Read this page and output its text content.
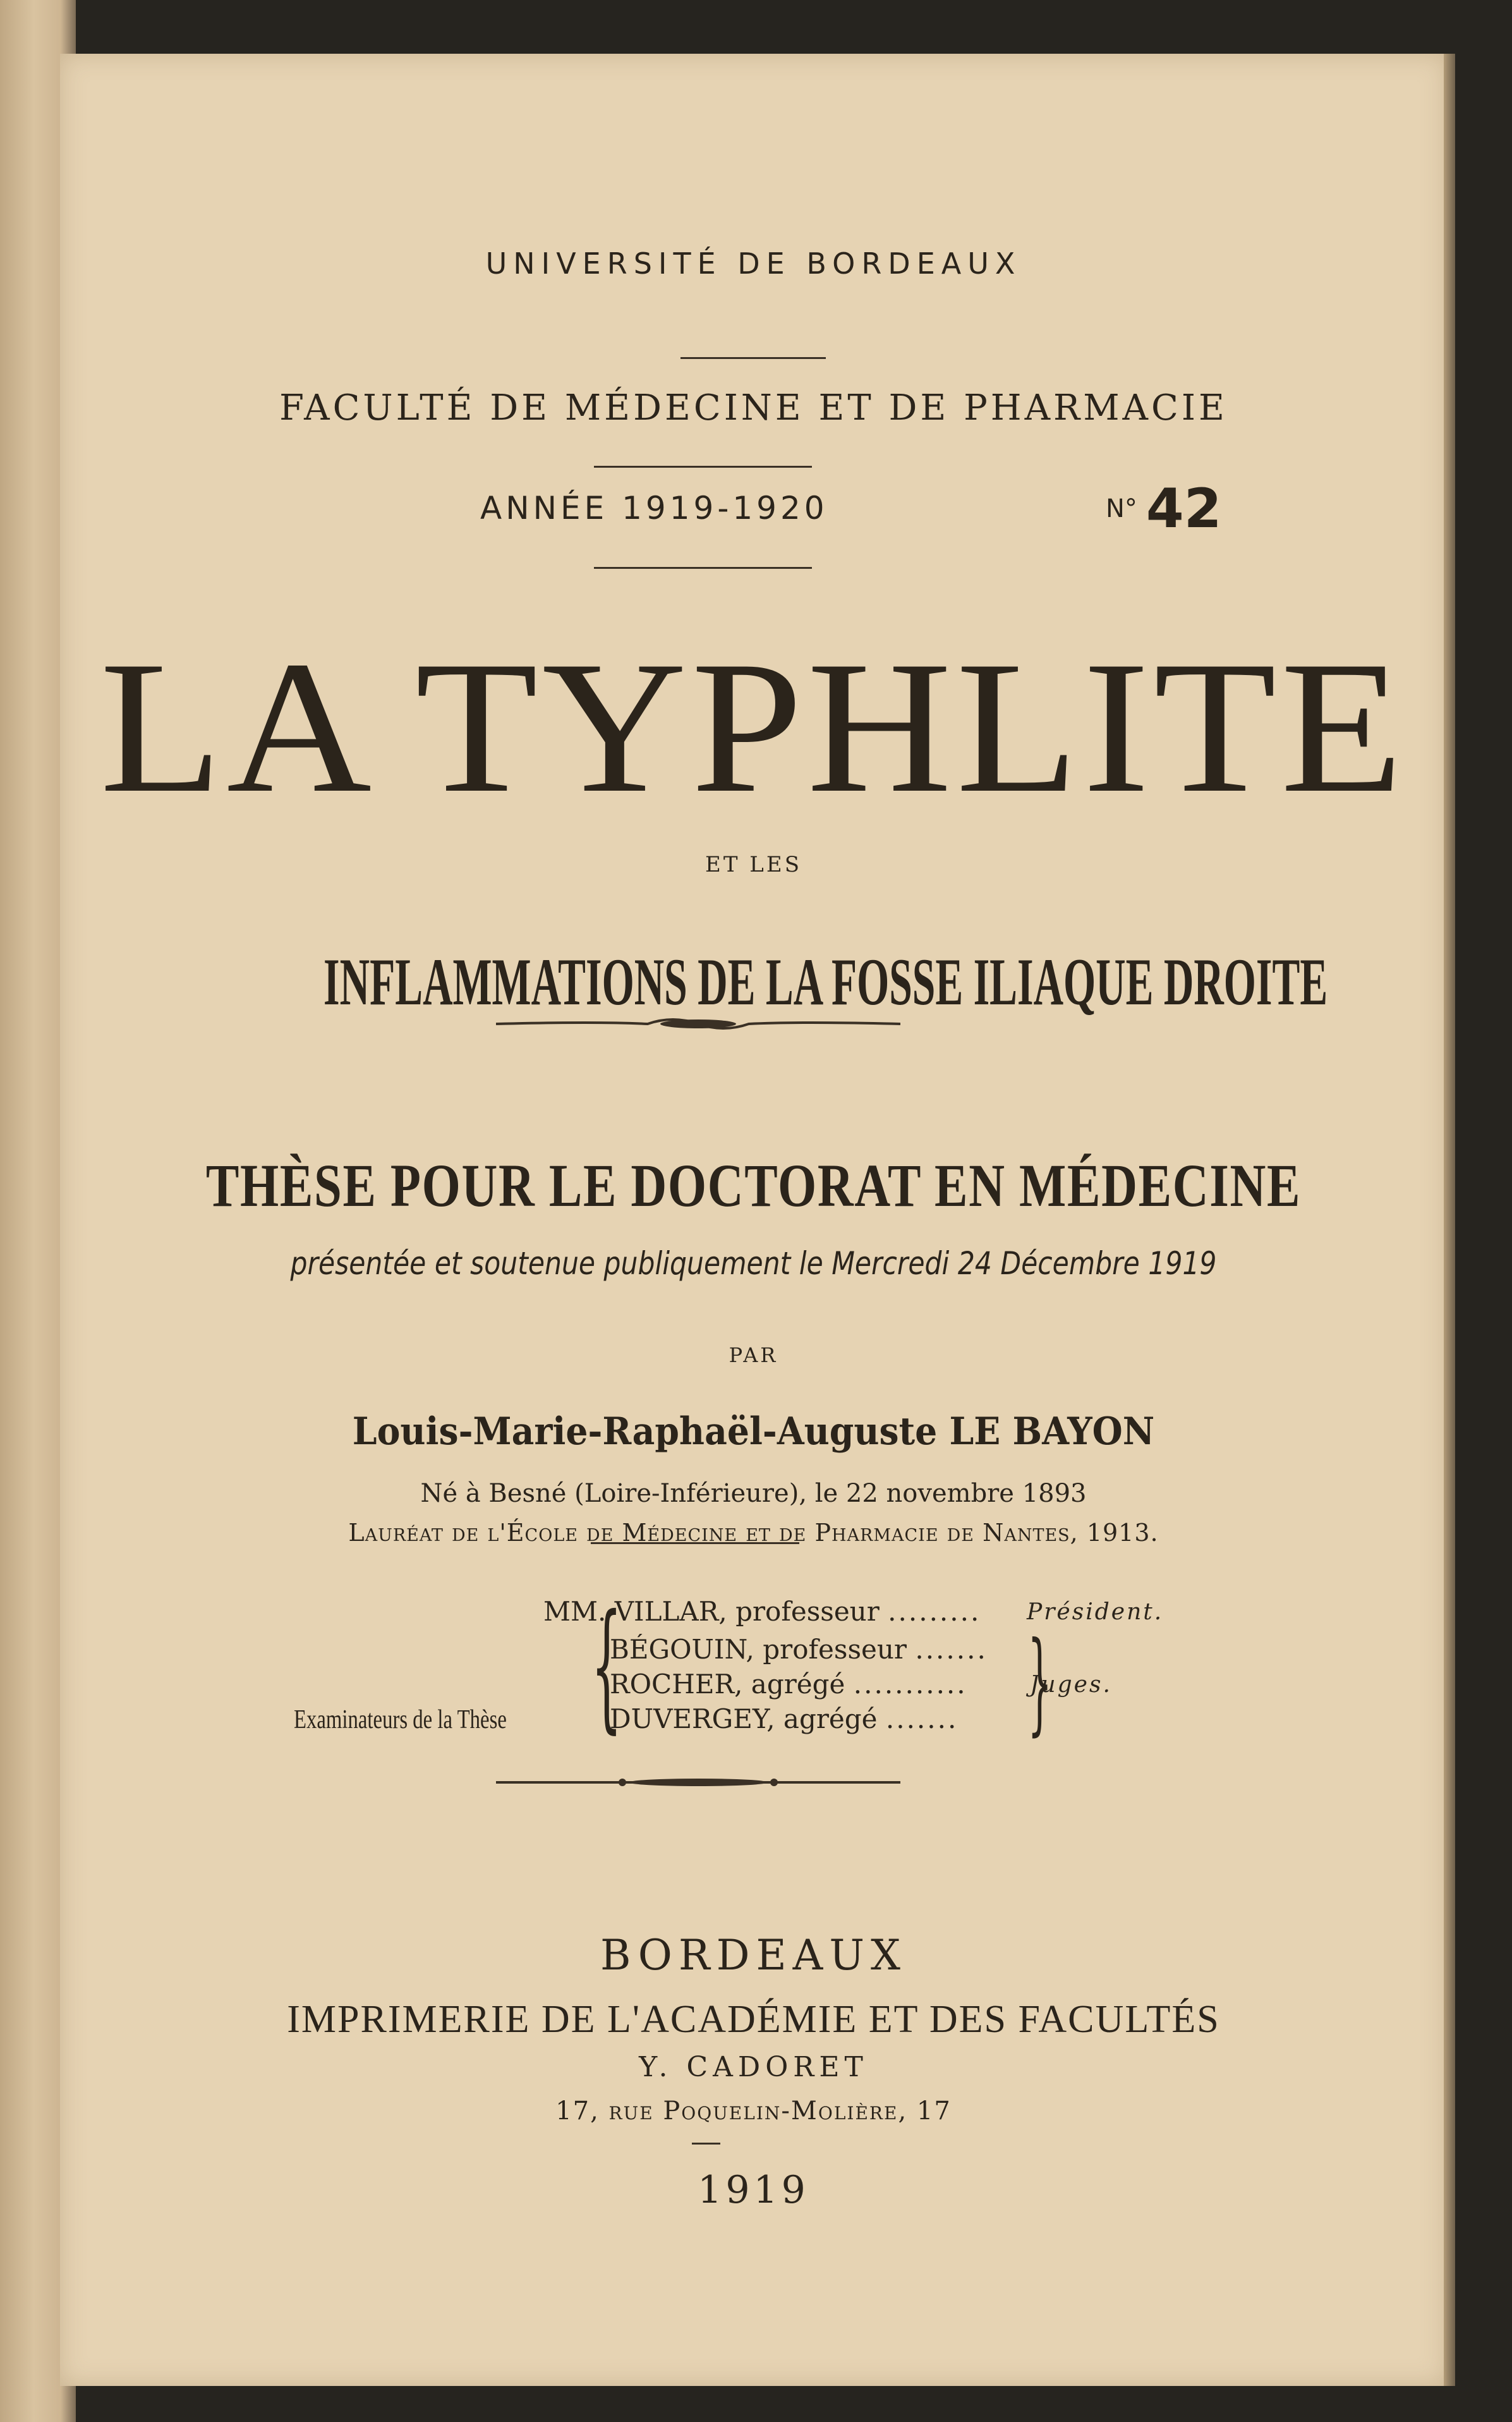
UNIVERSITÉ DE BORDEAUX
FACULTÉ DE MÉDECINE ET DE PHARMACIE
ANNÉE 1919-1920	N° 42
LA TYPHLITE
ET LES
INFLAMMATIONS DE LA FOSSE ILIAQUE DROITE
THÈSE POUR LE DOCTORAT EN MÉDECINE
présentée et soutenue publiquement le Mercredi 24 Décembre 1919
PAR
Louis-Marie-Raphaël-Auguste LE BAYON
Né à Besné (Loire-Inférieure), le 22 novembre 1893
Lauréat de l'École de Médecine et de Pharmacie de Nantes, 1913.
Examinateurs de la Thèse {
MM. VILLAR, professeur .........
BÉGOUIN, professeur .......
ROCHER, agrégé ...........
DUVERGEY, agrégé .......
Président.
}
Juges.
BORDEAUX
IMPRIMERIE DE L'ACADÉMIE ET DES FACULTÉS
Y. CADORET
17, rue Poquelin-Molière, 17
1919
